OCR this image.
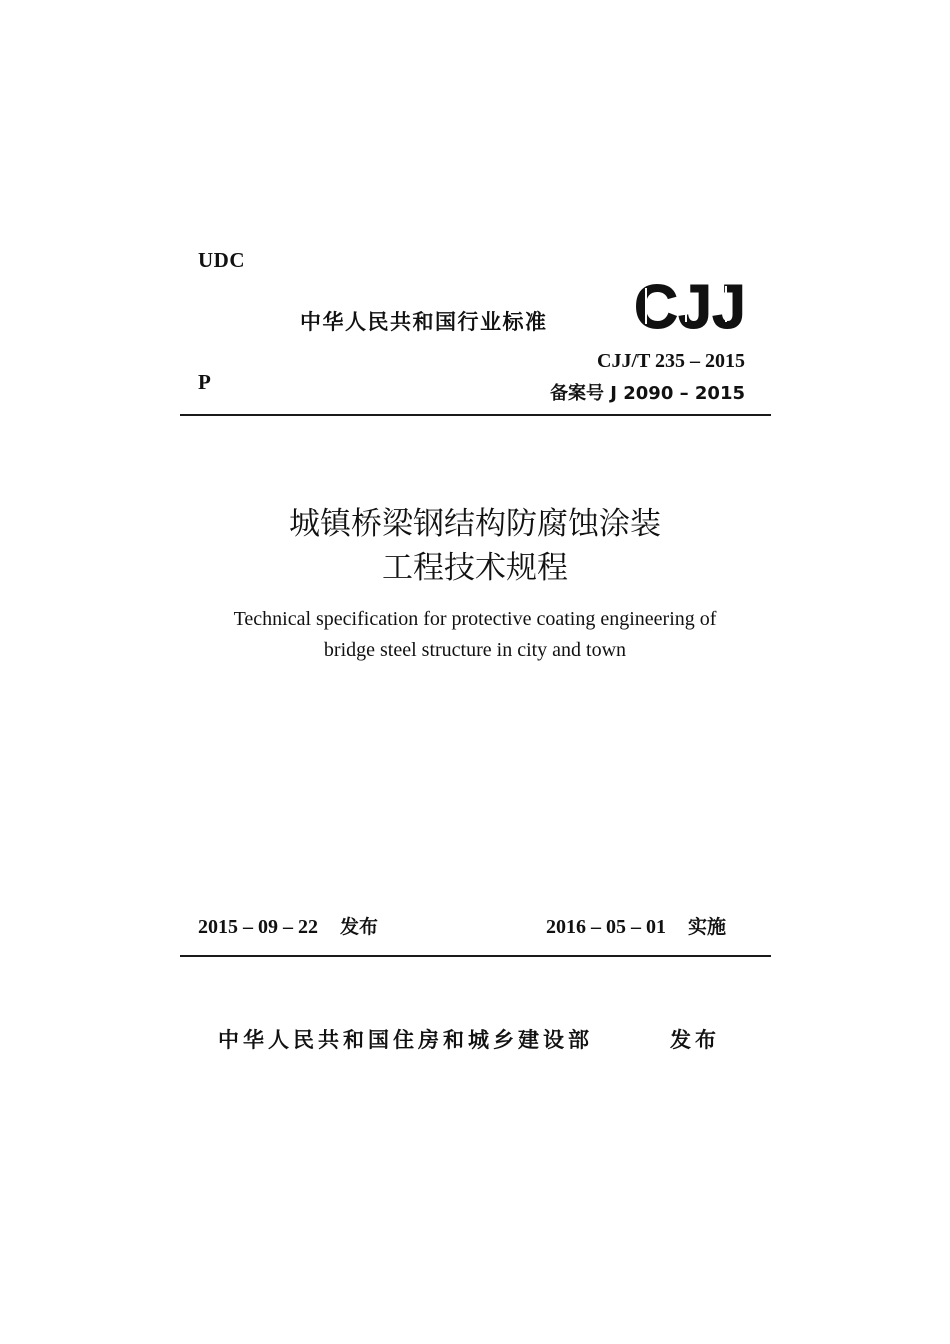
UDC
中华人民共和国行业标准 CJJ
P
CJJ/T 235 – 2015
备案号 J 2090 – 2015
城镇桥梁钢结构防腐蚀涂装
工程技术规程
Technical specification for protective coating engineering of
bridge steel structure in city and town
2015 – 09 – 22 发布	2016 – 05 – 01 实施
中华人民共和国住房和城乡建设部	发布
